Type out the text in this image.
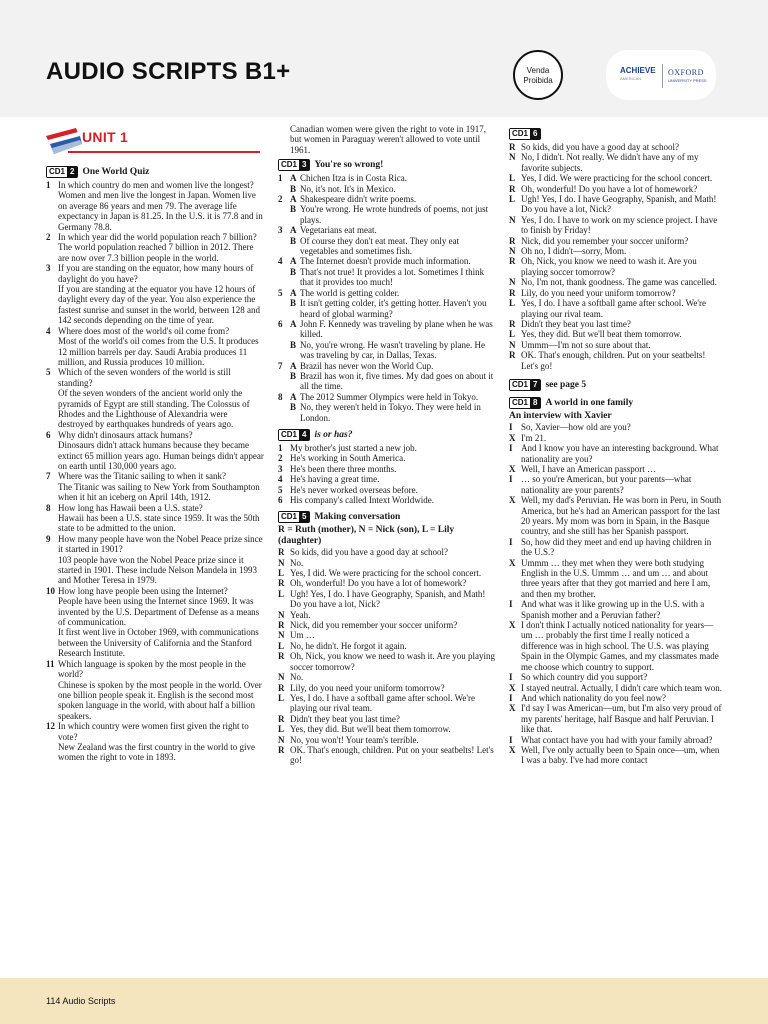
AUDIO SCRIPTS B1+	Venda
Proibida
ACHIEVE
AMERICAN
OXFORD
UNIVERSITY PRESS
UNIT 1
CD1 2 One World Quiz
1 In which country do men and women live the longest?
Women and men live the longest in Japan. Women live on average 86 years and men 79. The average life expectancy in Japan is 81.25. In the U.S. it is 77.8 and in Germany 78.8.
2 In which year did the world population reach 7 billion?
The world population reached 7 billion in 2012. There are now over 7.3 billion people in the world.
3 If you are standing on the equator, how many hours of daylight do you have?
If you are standing at the equator you have 12 hours of daylight every day of the year. You also experience the fastest sunrise and sunset in the world, between 128 and 142 seconds depending on the time of year.
4 Where does most of the world's oil come from?
Most of the world's oil comes from the U.S. It produces 12 million barrels per day. Saudi Arabia produces 11 million, and Russia produces 10 million.
5 Which of the seven wonders of the world is still standing?
Of the seven wonders of the ancient world only the pyramids of Egypt are still standing. The Colossus of Rhodes and the Lighthouse of Alexandria were destroyed by earthquakes hundreds of years ago.
6 Why didn't dinosaurs attack humans?
Dinosaurs didn't attack humans because they became extinct 65 million years ago. Human beings didn't appear on earth until 130,000 years ago.
7 Where was the Titanic sailing to when it sank?
The Titanic was sailing to New York from Southampton when it hit an iceberg on April 14th, 1912.
8 How long has Hawaii been a U.S. state?
Hawaii has been a U.S. state since 1959. It was the 50th state to be admitted to the union.
9 How many people have won the Nobel Peace prize since it started in 1901?
103 people have won the Nobel Peace prize since it started in 1901. These include Nelson Mandela in 1993 and Mother Teresa in 1979.
10 How long have people been using the Internet?
People have been using the Internet since 1969. It was invented by the U.S. Department of Defense as a means of communication.
It first went live in October 1969, with communications between the University of California and the Stanford Research Institute.
11 Which language is spoken by the most people in the world?
Chinese is spoken by the most people in the world. Over one billion people speak it. English is the second most spoken language in the world, with about half a billion speakers.
12 In which country were women first given the right to vote?
New Zealand was the first country in the world to give women the right to vote in 1893.
Canadian women were given the right to vote in 1917, but women in Paraguay weren't allowed to vote until 1961.
CD1 3 You're so wrong!
1 A Chichen Itza is in Costa Rica.
B No, it's not. It's in Mexico.
2 A Shakespeare didn't write poems.
B You're wrong. He wrote hundreds of poems, not just plays.
3 A Vegetarians eat meat.
B Of course they don't eat meat. They only eat vegetables and sometimes fish.
4 A The Internet doesn't provide much information.
B That's not true! It provides a lot. Sometimes I think that it provides too much!
5 A The world is getting colder.
B It isn't getting colder, it's getting hotter. Haven't you heard of global warming?
6 A John F. Kennedy was traveling by plane when he was killed.
B No, you're wrong. He wasn't traveling by plane. He was traveling by car, in Dallas, Texas.
7 A Brazil has never won the World Cup.
B Brazil has won it, five times. My dad goes on about it all the time.
8 A The 2012 Summer Olympics were held in Tokyo.
B No, they weren't held in Tokyo. They were held in London.
CD1 4 is or has?
1 My brother's just started a new job.
2 He's working in South America.
3 He's been there three months.
4 He's having a great time.
5 He's never worked overseas before.
6 His company's called Intext Worldwide.
CD1 5 Making conversation
R = Ruth (mother), N = Nick (son), L = Lily (daughter)
R So kids, did you have a good day at school?
N No.
L Yes, I did. We were practicing for the school concert.
R Oh, wonderful! Do you have a lot of homework?
L Ugh! Yes, I do. I have Geography, Spanish, and Math! Do you have a lot, Nick?
N Yeah.
R Nick, did you remember your soccer uniform?
N Um …
L No, he didn't. He forgot it again.
R Oh, Nick, you know we need to wash it. Are you playing soccer tomorrow?
N No.
R Lily, do you need your uniform tomorrow?
L Yes, I do. I have a softball game after school. We're playing our rival team.
R Didn't they beat you last time?
L Yes, they did. But we'll beat them tomorrow.
N No, you won't! Your team's terrible.
R OK. That's enough, children. Put on your seatbelts! Let's go!
CD1 6
R So kids, did you have a good day at school?
N No, I didn't. Not really. We didn't have any of my favorite subjects.
L Yes, I did. We were practicing for the school concert.
R Oh, wonderful! Do you have a lot of homework?
L Ugh! Yes, I do. I have Geography, Spanish, and Math! Do you have a lot, Nick?
N Yes, I do. I have to work on my science project. I have to finish by Friday!
R Nick, did you remember your soccer uniform?
N Oh no, I didn't—sorry, Mom.
R Oh, Nick, you know we need to wash it. Are you playing soccer tomorrow?
N No, I'm not, thank goodness. The game was cancelled.
R Lily, do you need your uniform tomorrow?
L Yes, I do. I have a softball game after school. We're playing our rival team.
R Didn't they beat you last time?
L Yes, they did. But we'll beat them tomorrow.
N Ummm—I'm not so sure about that.
R OK. That's enough, children. Put on your seatbelts! Let's go!
CD1 7 see page 5
CD1 8 A world in one family
An interview with Xavier
I So, Xavier—how old are you?
X I'm 21.
I And I know you have an interesting background. What nationality are you?
X Well, I have an American passport …
I … so you're American, but your parents—what nationality are your parents?
X Well, my dad's Peruvian. He was born in Peru, in South America, but he's had an American passport for the last 20 years. My mom was born in Spain, in the Basque country, and she still has her Spanish passport.
I So, how did they meet and end up having children in the U.S.?
X Ummm … they met when they were both studying English in the U.S. Ummm … and um … and about three years after that they got married and here I am, and then my brother.
I And what was it like growing up in the U.S. with a Spanish mother and a Peruvian father?
X I don't think I actually noticed nationality for years—um … probably the first time I really noticed a difference was in high school. The U.S. was playing Spain in the Olympic Games, and my classmates made me choose which country to support.
I So which country did you support?
X I stayed neutral. Actually, I didn't care which team won.
I And which nationality do you feel now?
X I'd say I was American—um, but I'm also very proud of my parents' heritage, half Basque and half Peruvian. I like that.
I What contact have you had with your family abroad?
X Well, I've only actually been to Spain once—um, when I was a baby. I've had more contact
114 Audio Scripts
